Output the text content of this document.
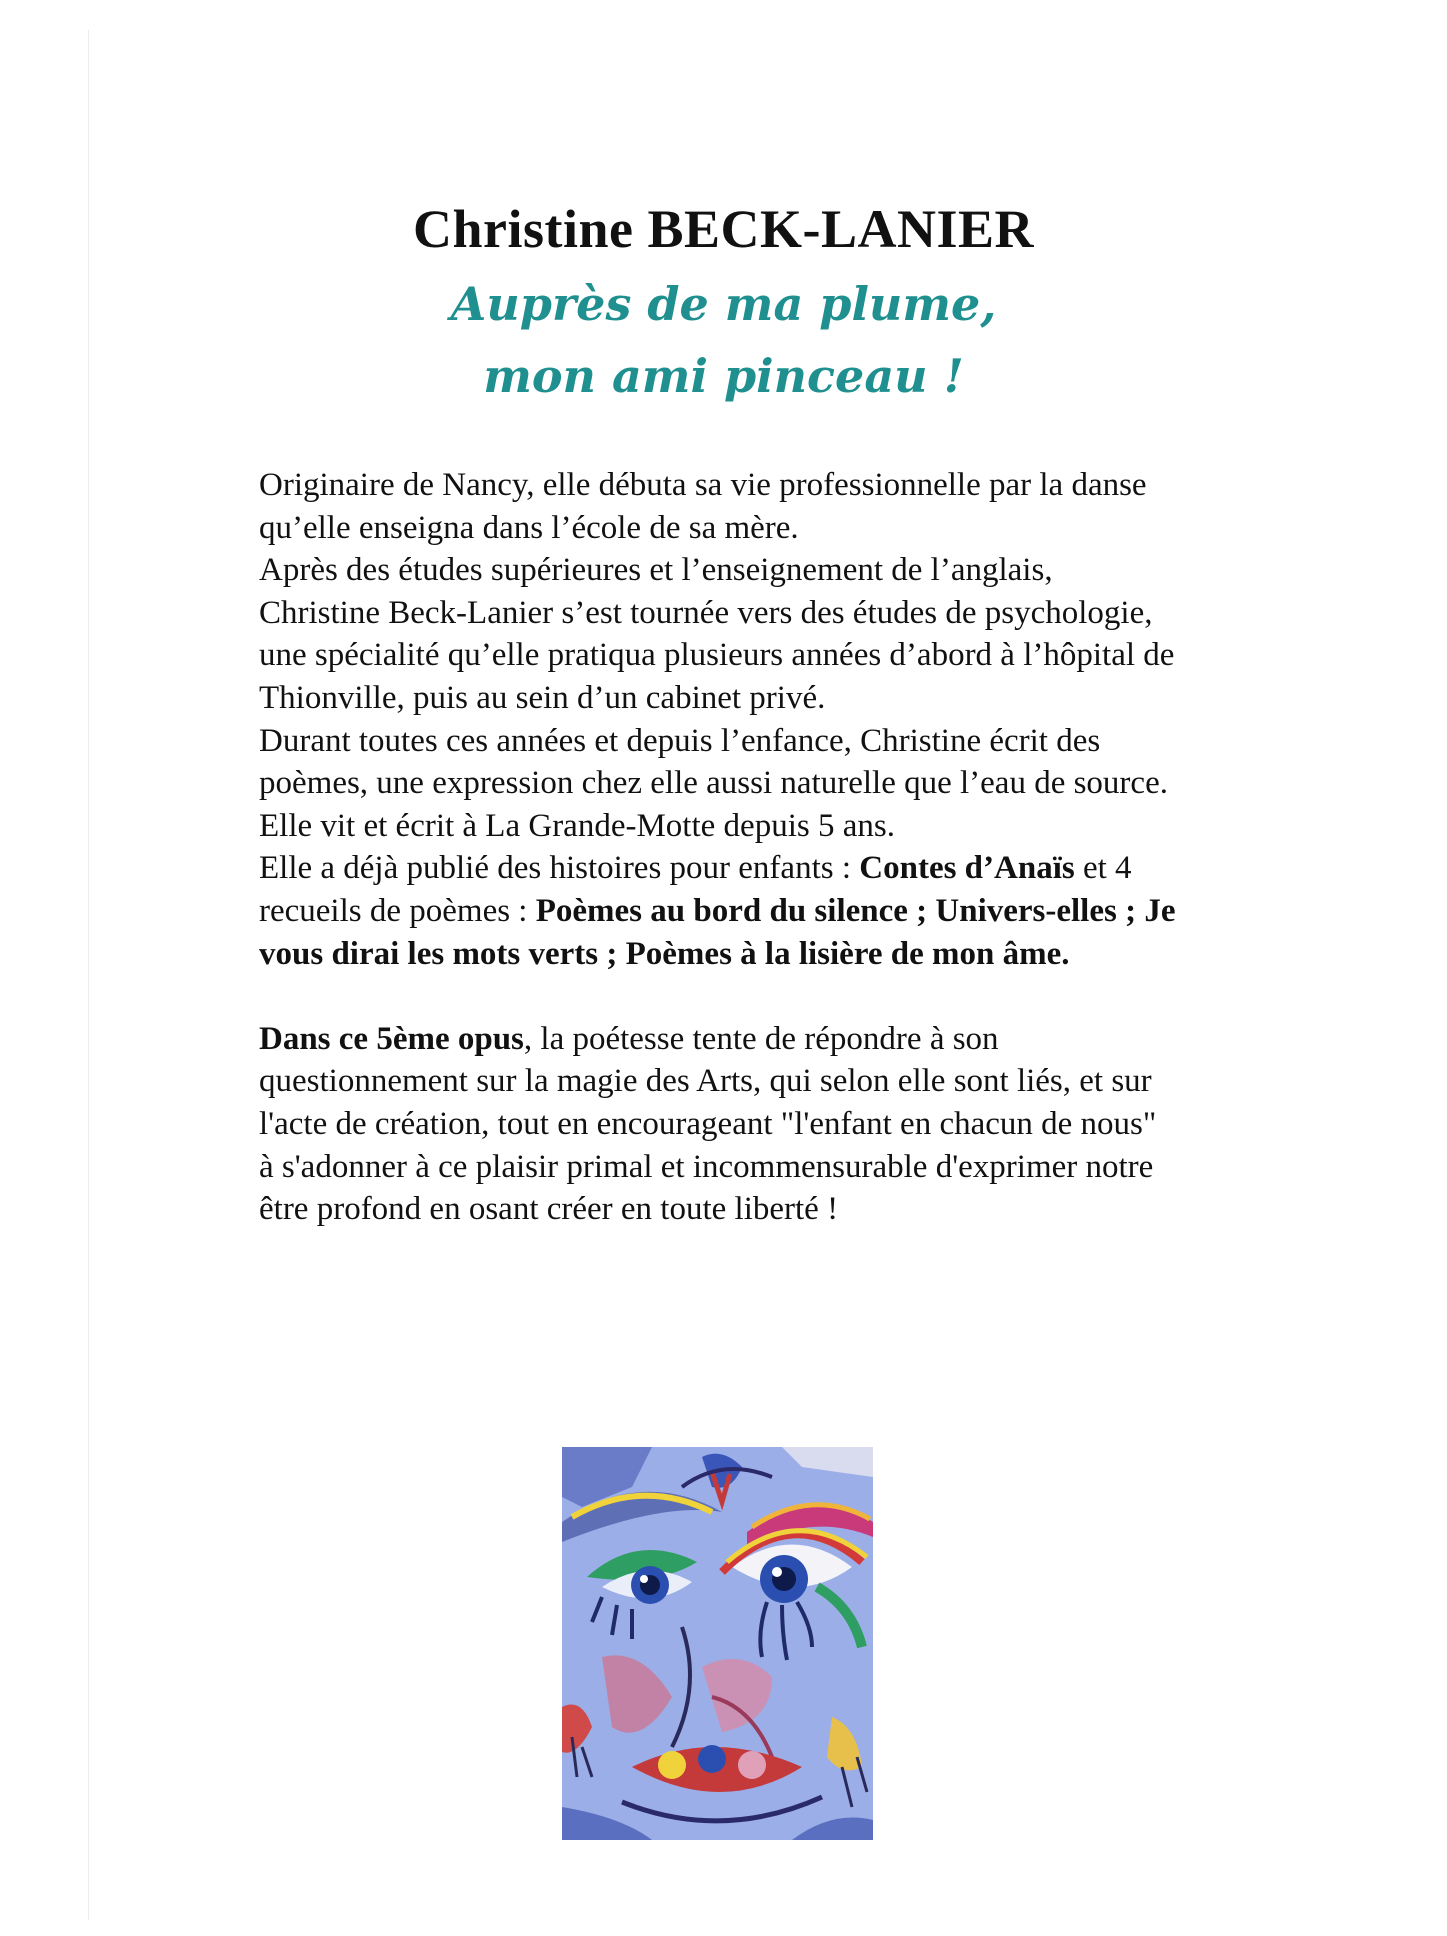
Christine BECK-LANIER
Auprès de ma plume,
mon ami pinceau !

Originaire de Nancy, elle débuta sa vie professionnelle par la danse qu’elle enseigna dans l’école de sa mère.

Après des études supérieures et l’enseignement de l’anglais, Christine Beck-Lanier s’est tournée vers des études de psychologie, une spécialité qu’elle pratiqua plusieurs années d’abord à l’hôpital de Thionville, puis au sein d’un cabinet privé.

Durant toutes ces années et depuis l’enfance, Christine écrit des poèmes, une expression chez elle aussi naturelle que l’eau de source. Elle vit et écrit à La Grande-Motte depuis 5 ans.

Elle a déjà publié des histoires pour enfants : Contes d’Anaïs et 4 recueils de poèmes : Poèmes au bord du silence ; Univers-elles ; Je vous dirai les mots verts ; Poèmes à la lisière de mon âme.

Dans ce 5ème opus, la poétesse tente de répondre à son questionnement sur la magie des Arts, qui selon elle sont liés, et sur l'acte de création, tout en encourageant "l'enfant en chacun de nous" à s'adonner à ce plaisir primal et incommensurable d'exprimer notre être profond en osant créer en toute liberté !
